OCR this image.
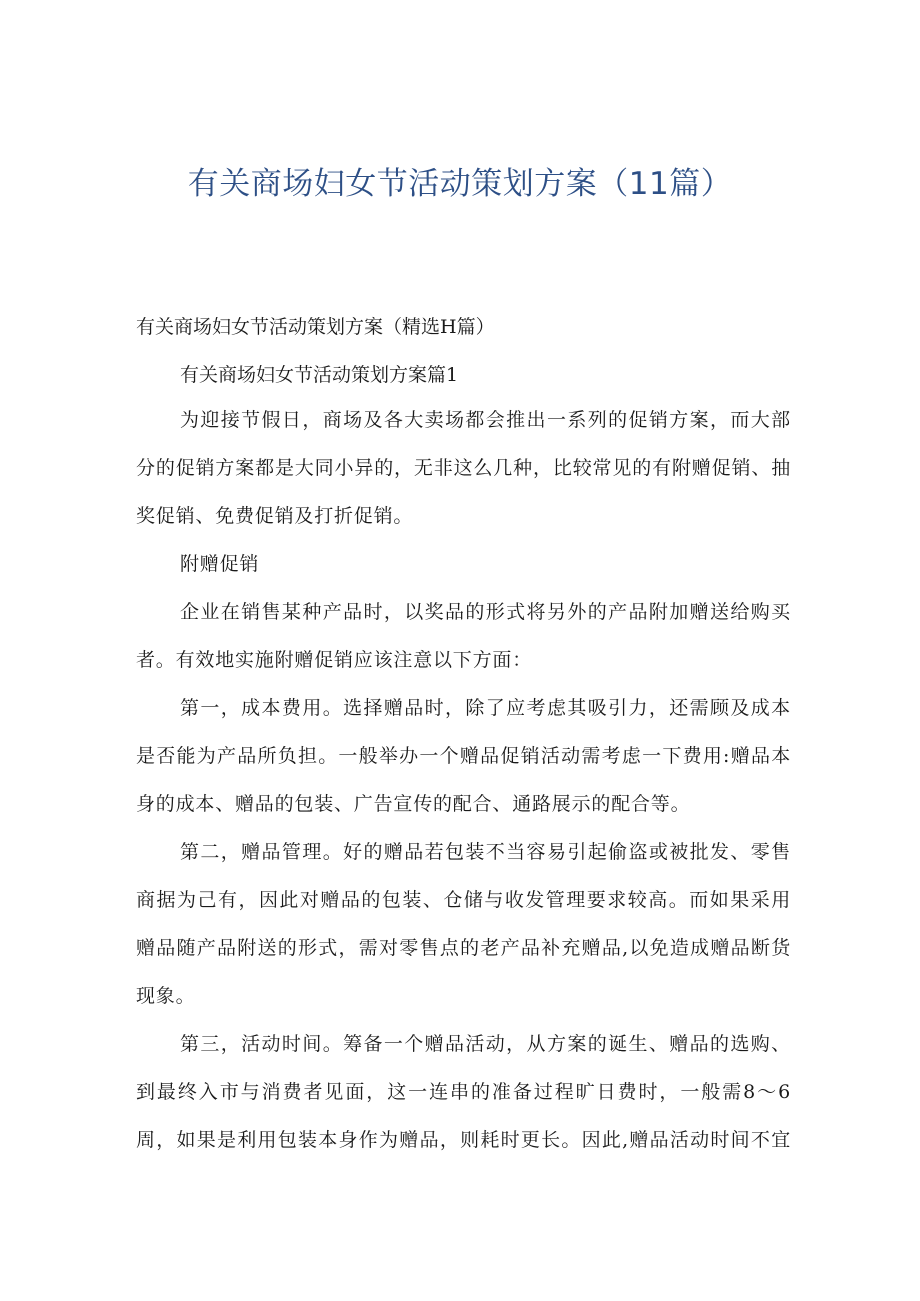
有关商场妇女节活动策划方案（11篇）
有关商场妇女节活动策划方案（精选H篇）
有关商场妇女节活动策划方案篇1
为迎接节假日，商场及各大卖场都会推出一系列的促销方案，而大部
分的促销方案都是大同小异的，无非这么几种，比较常见的有附赠促销、抽
奖促销、免费促销及打折促销。
附赠促销
企业在销售某种产品时，以奖品的形式将另外的产品附加赠送给购买
者。有效地实施附赠促销应该注意以下方面：
第一，成本费用。选择赠品时，除了应考虑其吸引力，还需顾及成本
是否能为产品所负担。一般举办一个赠品促销活动需考虑一下费用:赠品本
身的成本、赠品的包装、广告宣传的配合、通路展示的配合等。
第二，赠品管理。好的赠品若包装不当容易引起偷盗或被批发、零售
商据为己有，因此对赠品的包装、仓储与收发管理要求较高。而如果采用
赠品随产品附送的形式，需对零售点的老产品补充赠品,以免造成赠品断货
现象。
第三，活动时间。筹备一个赠品活动，从方案的诞生、赠品的选购、
到最终入市与消费者见面，这一连串的准备过程旷日费时，一般需8～6
周，如果是利用包装本身作为赠品，则耗时更长。因此,赠品活动时间不宜
